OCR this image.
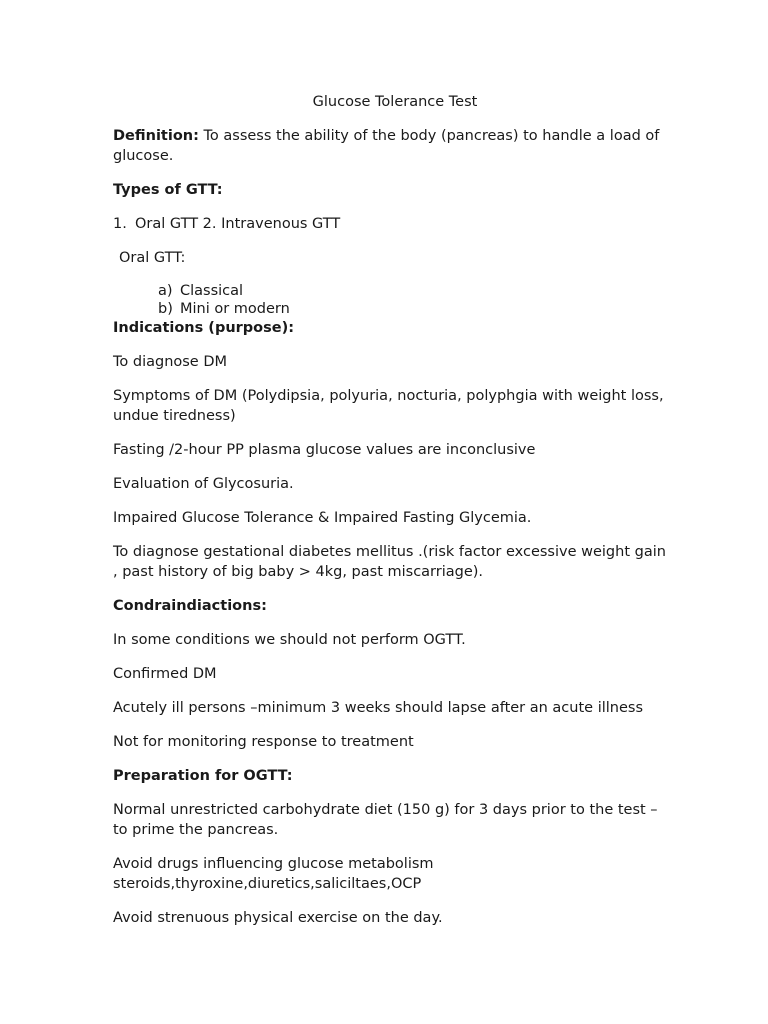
Glucose Tolerance Test

Definition: To assess the ability of the body (pancreas) to handle a load of glucose.

Types of GTT:

1. Oral GTT 2. Intravenous GTT

Oral GTT:

a) Classical
b) Mini or modern

Indications (purpose):

To diagnose DM

Symptoms of DM (Polydipsia, polyuria, nocturia, polyphgia with weight loss, undue tiredness)

Fasting /2-hour PP plasma glucose values are inconclusive

Evaluation of Glycosuria.

Impaired Glucose Tolerance & Impaired Fasting Glycemia.

To diagnose gestational diabetes mellitus .(risk factor excessive weight gain , past history of big baby > 4kg, past miscarriage).

Condraindiactions:

In some conditions we should not perform OGTT.

Confirmed DM

Acutely ill persons –minimum 3 weeks should lapse after an acute illness

Not for monitoring response to treatment

Preparation for OGTT:

Normal unrestricted carbohydrate diet (150 g) for 3 days prior to the test – to prime the pancreas.

Avoid drugs influencing glucose metabolism steroids,thyroxine,diuretics,saliciltaes,OCP

Avoid strenuous physical exercise on the day.
